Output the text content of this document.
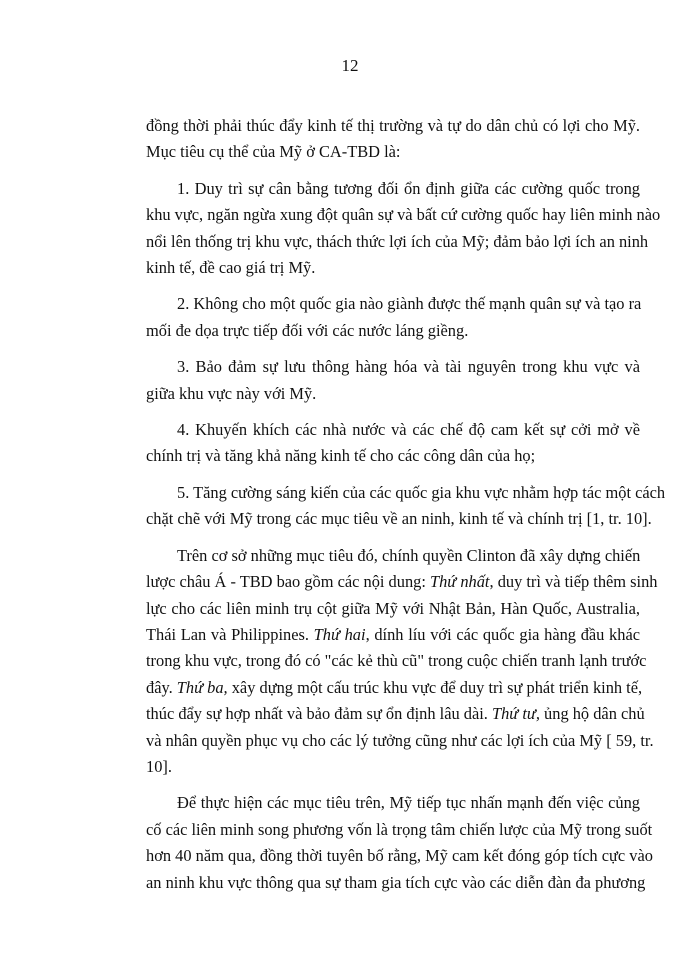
12

đồng thời phải thúc đẩy kinh tế thị trường và tự do dân chủ có lợi cho Mỹ.
Mục tiêu cụ thể của Mỹ ở CA-TBD là:

1. Duy trì sự cân bằng tương đối ổn định giữa các cường quốc trong
khu vực, ngăn ngừa xung đột quân sự và bất cứ cường quốc hay liên minh nào
nổi lên thống trị khu vực, thách thức lợi ích của Mỹ; đảm bảo lợi ích an ninh
kinh tế, đề cao giá trị Mỹ.

2. Không cho một quốc gia nào giành được thế mạnh quân sự và tạo ra
mối đe dọa trực tiếp đối với các nước láng giềng.

3. Bảo đảm sự lưu thông hàng hóa và tài nguyên trong khu vực và
giữa khu vực này với Mỹ.

4. Khuyến khích các nhà nước và các chế độ cam kết sự cởi mở về
chính trị và tăng khả năng kinh tế cho các công dân của họ;

5. Tăng cường sáng kiến của các quốc gia khu vực nhằm hợp tác một cách
chặt chẽ với Mỹ trong các mục tiêu về an ninh, kinh tế và chính trị [1, tr. 10].

Trên cơ sở những mục tiêu đó, chính quyền Clinton đã xây dựng chiến
lược châu Á - TBD bao gồm các nội dung: Thứ nhất, duy trì và tiếp thêm sinh
lực cho các liên minh trụ cột giữa Mỹ với Nhật Bản, Hàn Quốc, Australia,
Thái Lan và Philippines. Thứ hai, dính líu với các quốc gia hàng đầu khác
trong khu vực, trong đó có "các kẻ thù cũ" trong cuộc chiến tranh lạnh trước
đây. Thứ ba, xây dựng một cấu trúc khu vực để duy trì sự phát triển kinh tế,
thúc đẩy sự hợp nhất và bảo đảm sự ổn định lâu dài. Thứ tư, ủng hộ dân chủ
và nhân quyền phục vụ cho các lý tưởng cũng như các lợi ích của Mỹ [ 59, tr.
10].

Để thực hiện các mục tiêu trên, Mỹ tiếp tục nhấn mạnh đến việc củng
cố các liên minh song phương vốn là trọng tâm chiến lược của Mỹ trong suốt
hơn 40 năm qua, đồng thời tuyên bố rằng, Mỹ cam kết đóng góp tích cực vào
an ninh khu vực thông qua sự tham gia tích cực vào các diễn đàn đa phương
